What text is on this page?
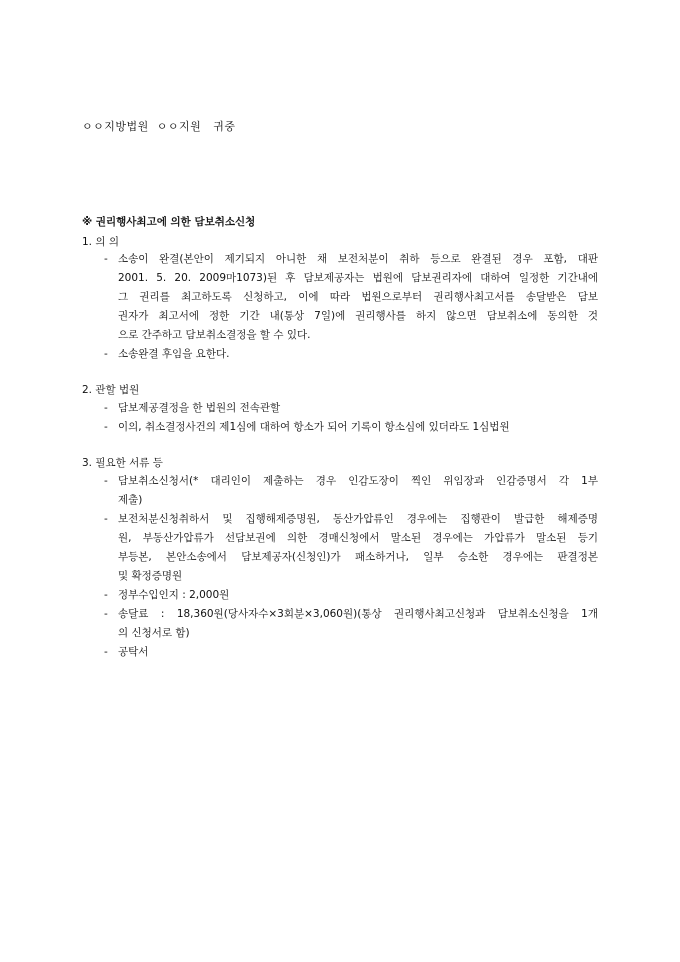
ㅇㅇ지방법원  ㅇㅇ지원   귀중
※ 권리행사최고에 의한 담보취소신청
1. 의 의
- 소송이 완결(본안이 제기되지 아니한 채 보전처분이 취하 등으로 완결된 경우 포함, 대판
2001. 5. 20. 2009마1073)된 후 담보제공자는 법원에 담보권리자에 대하여 일정한 기간내에
그 권리를 최고하도록 신청하고, 이에 따라 법원으로부터 권리행사최고서를 송달받은 담보
권자가 최고서에 정한 기간 내(통상 7일)에 권리행사를 하지 않으면 담보취소에 동의한 것
으로 간주하고 담보취소결정을 할 수 있다.
- 소송완결 후임을 요한다.
2. 관할 법원
- 담보제공결정을 한 법원의 전속관할
- 이의, 취소결정사건의 제1심에 대하여 항소가 되어 기록이 항소심에 있더라도 1심법원
3. 필요한 서류 등
- 담보취소신청서(* 대리인이 제출하는 경우 인감도장이 찍인 위임장과 인감증명서 각 1부
제출)
- 보전처분신청취하서 및 집행해제증명원, 동산가압류인 경우에는 집행관이 발급한 해제증명
원, 부동산가압류가 선담보권에 의한 경매신청에서 말소된 경우에는 가압류가 말소된 등기
부등본, 본안소송에서 담보제공자(신청인)가 패소하거나, 일부 승소한 경우에는 판결정본
및 확정증명원
- 정부수입인지 : 2,000원
- 송달료 : 18,360원(당사자수×3회분×3,060원)(통상 권리행사최고신청과 담보취소신청을 1개
의 신청서로 함)
- 공탁서
